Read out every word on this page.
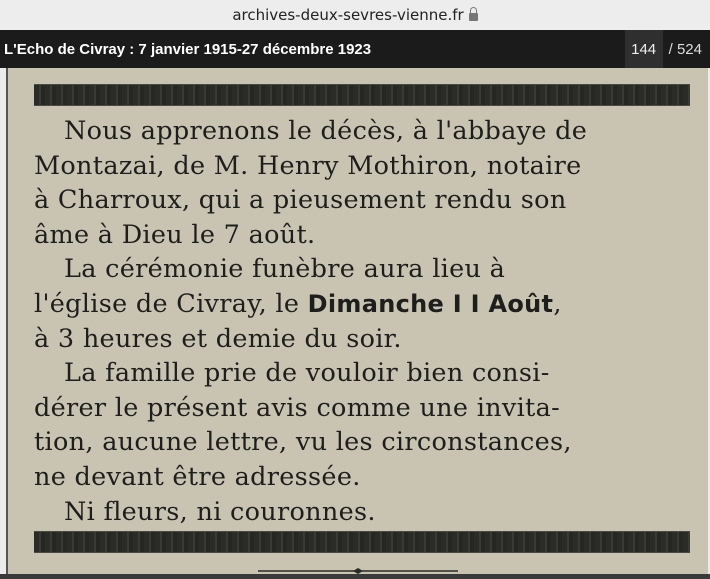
archives-deux-sevres-vienne.fr
L'Echo de Civray : 7 janvier 1915-27 décembre 1923	144 / 524
Nous apprenons le décès, à l'abbaye de
Montazai, de M. Henry Mothiron, notaire
à Charroux, qui a pieusement rendu son
âme à Dieu le 7 août.
La cérémonie funèbre aura lieu à
l'église de Civray, le Dimanche I I Août,
à 3 heures et demie du soir.
La famille prie de vouloir bien consi-
dérer le présent avis comme une invita-
tion, aucune lettre, vu les circonstances,
ne devant être adressée.
Ni fleurs, ni couronnes.
